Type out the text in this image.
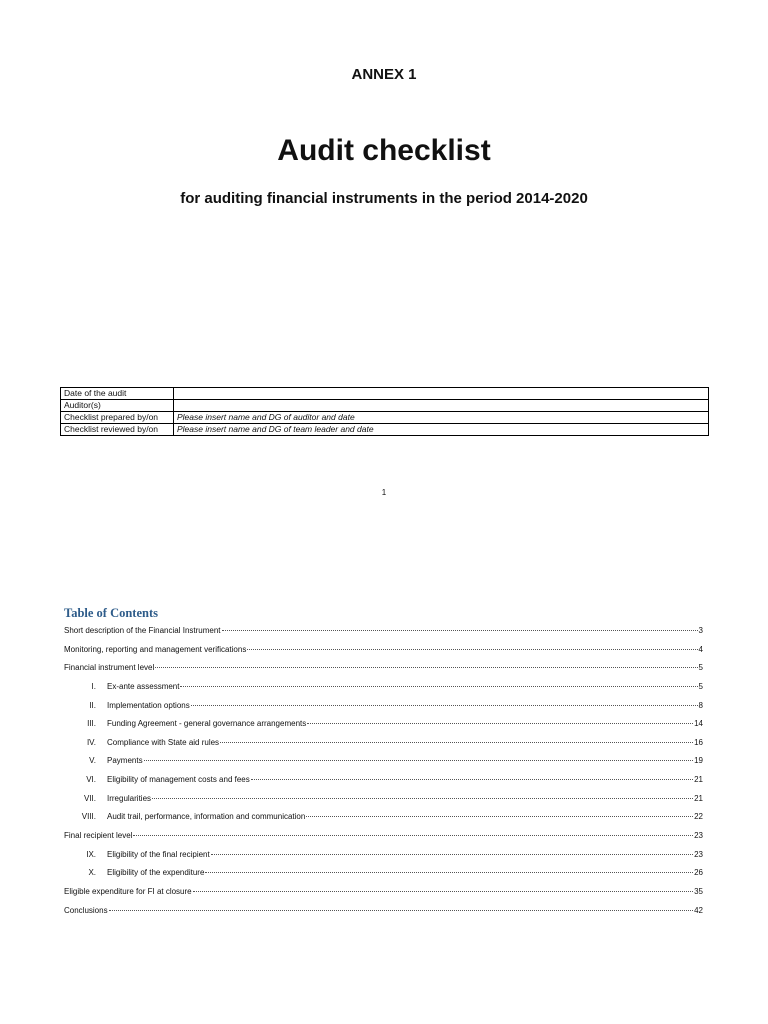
ANNEX 1
Audit checklist
for auditing financial instruments in the period 2014-2020
Date of the audit	
Auditor(s)	
Checklist prepared by/on	Please insert name and DG of auditor and date
Checklist reviewed by/on	Please insert name and DG of team leader and date
1
Table of Contents
Short description of the Financial Instrument	3
Monitoring, reporting and management verifications	4
Financial instrument level	5
I.	Ex-ante assessment	5
II.	Implementation options	8
III.	Funding Agreement - general governance arrangements	14
IV.	Compliance with State aid rules	16
V.	Payments	19
VI.	Eligibility of management costs and fees	21
VII.	Irregularities	21
VIII.	Audit trail, performance, information and communication	22
Final recipient level	23
IX.	Eligibility of the final recipient	23
X.	Eligibility of the expenditure	26
Eligible expenditure for FI at closure	35
Conclusions	42
